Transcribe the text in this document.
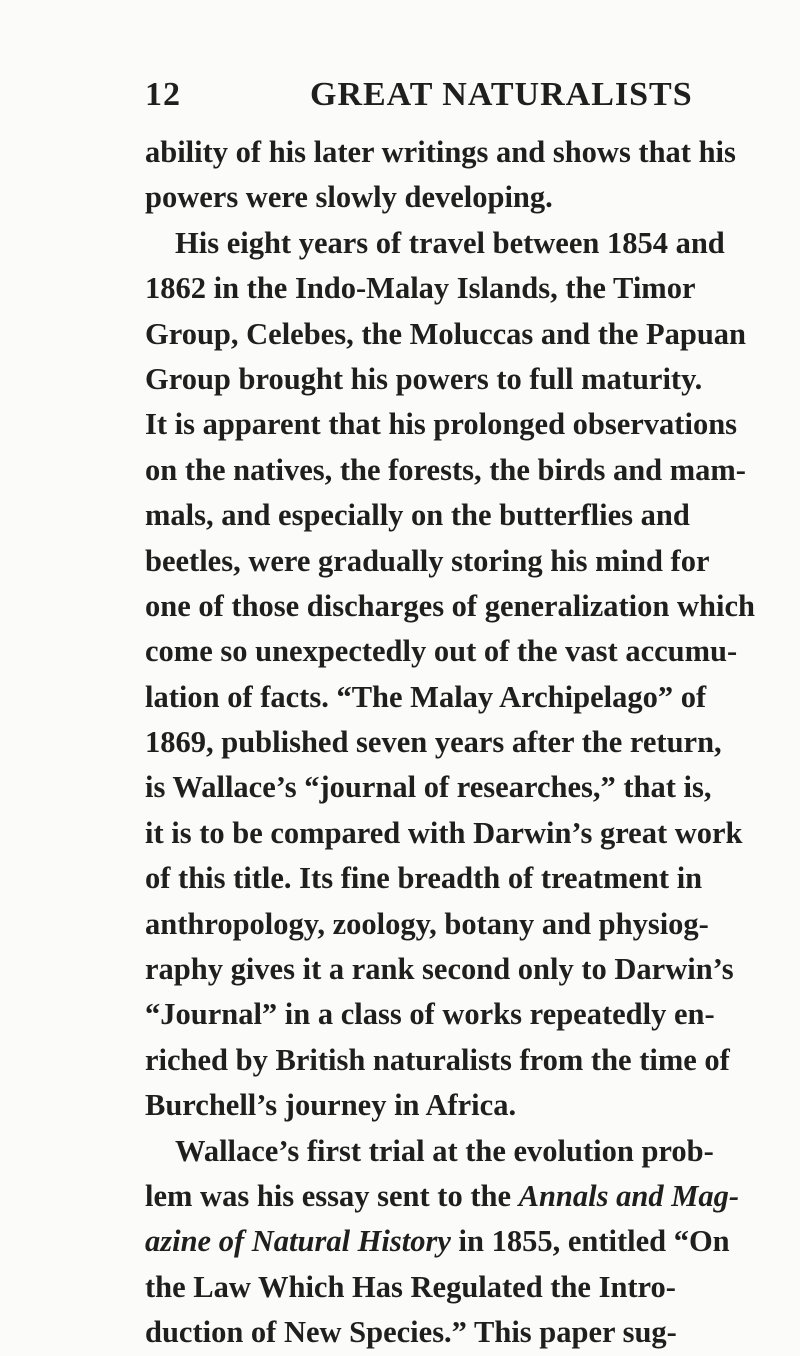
12	GREAT NATURALISTS
ability of his later writings and shows that his
powers were slowly developing.
His eight years of travel between 1854 and
1862 in the Indo-Malay Islands, the Timor
Group, Celebes, the Moluccas and the Papuan
Group brought his powers to full maturity.
It is apparent that his prolonged observations
on the natives, the forests, the birds and mam-
mals, and especially on the butterflies and
beetles, were gradually storing his mind for
one of those discharges of generalization which
come so unexpectedly out of the vast accumu-
lation of facts. “The Malay Archipelago” of
1869, published seven years after the return,
is Wallace’s “journal of researches,” that is,
it is to be compared with Darwin’s great work
of this title. Its fine breadth of treatment in
anthropology, zoology, botany and physiog-
raphy gives it a rank second only to Darwin’s
“Journal” in a class of works repeatedly en-
riched by British naturalists from the time of
Burchell’s journey in Africa.
Wallace’s first trial at the evolution prob-
lem was his essay sent to the Annals and Mag-
azine of Natural History in 1855, entitled “On
the Law Which Has Regulated the Intro-
duction of New Species.” This paper sug-
